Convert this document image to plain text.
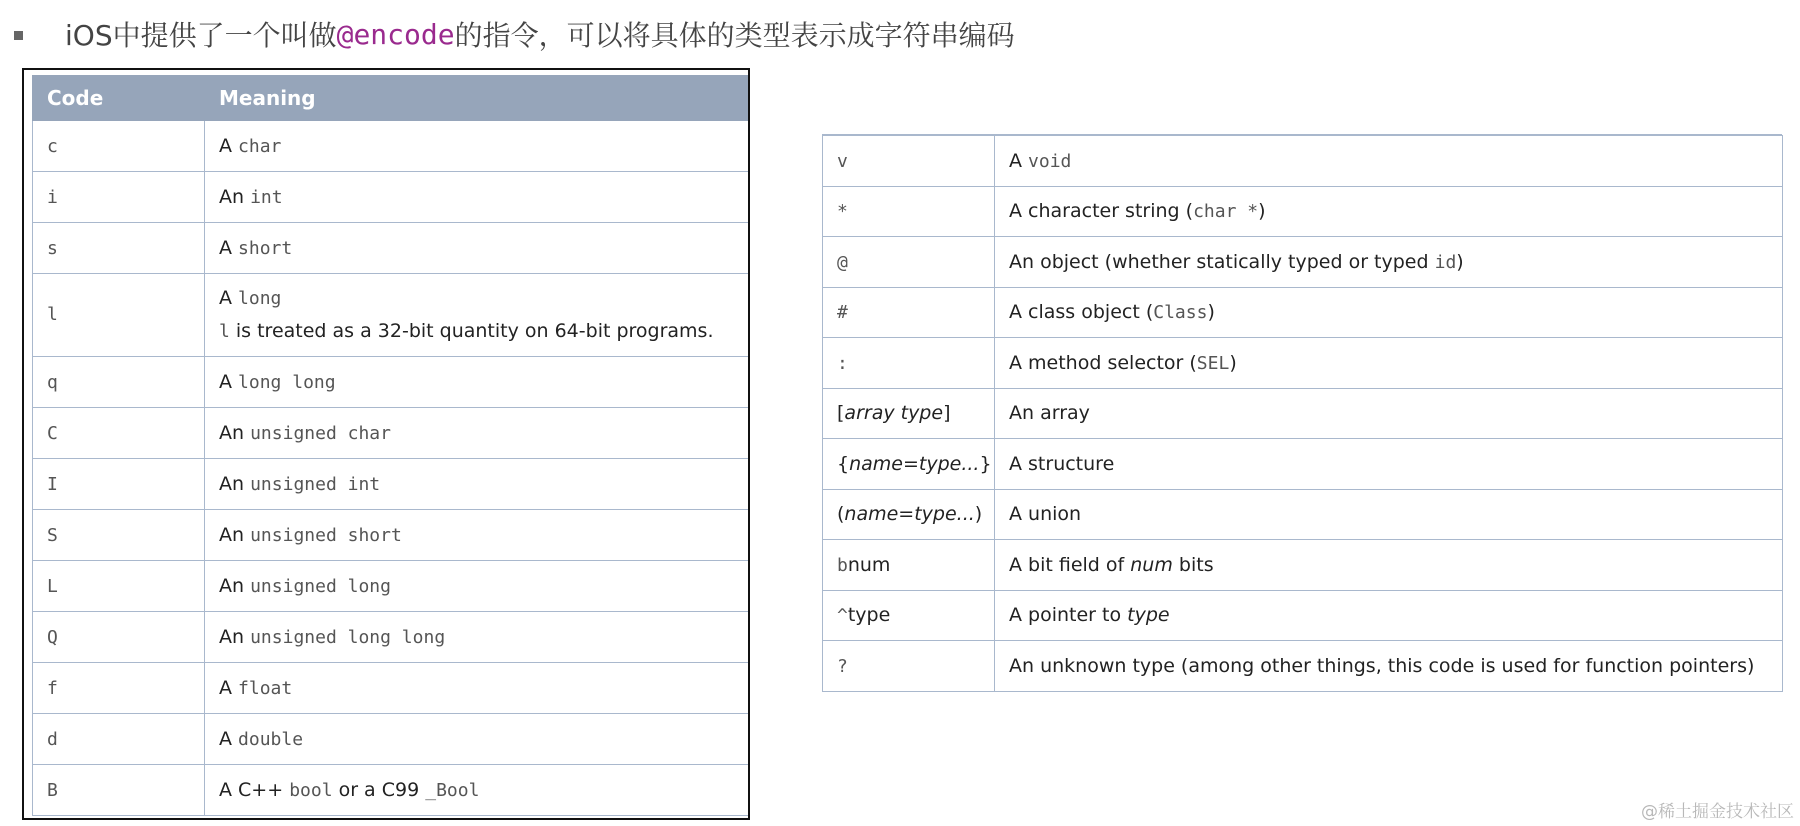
iOS中提供了一个叫做 @encode 的指令，可以将具体的类型表示成字符串编码
Code	Meaning
c	A char
i	An int
s	A short
l	A long
l is treated as a 32-bit quantity on 64-bit programs.
q	A long long
C	An unsigned char
I	An unsigned int
S	An unsigned short
L	An unsigned long
Q	An unsigned long long
f	A float
d	A double
B	A C++ bool or a C99 _Bool
v	A void
*	A character string (char *)
@	An object (whether statically typed or typed id)
#	A class object (Class)
:	A method selector (SEL)
[array type]	An array
{name=type...}	A structure
(name=type...)	A union
bnum	A bit field of num bits
^type	A pointer to type
?	An unknown type (among other things, this code is used for function pointers)
@稀土掘金技术社区
